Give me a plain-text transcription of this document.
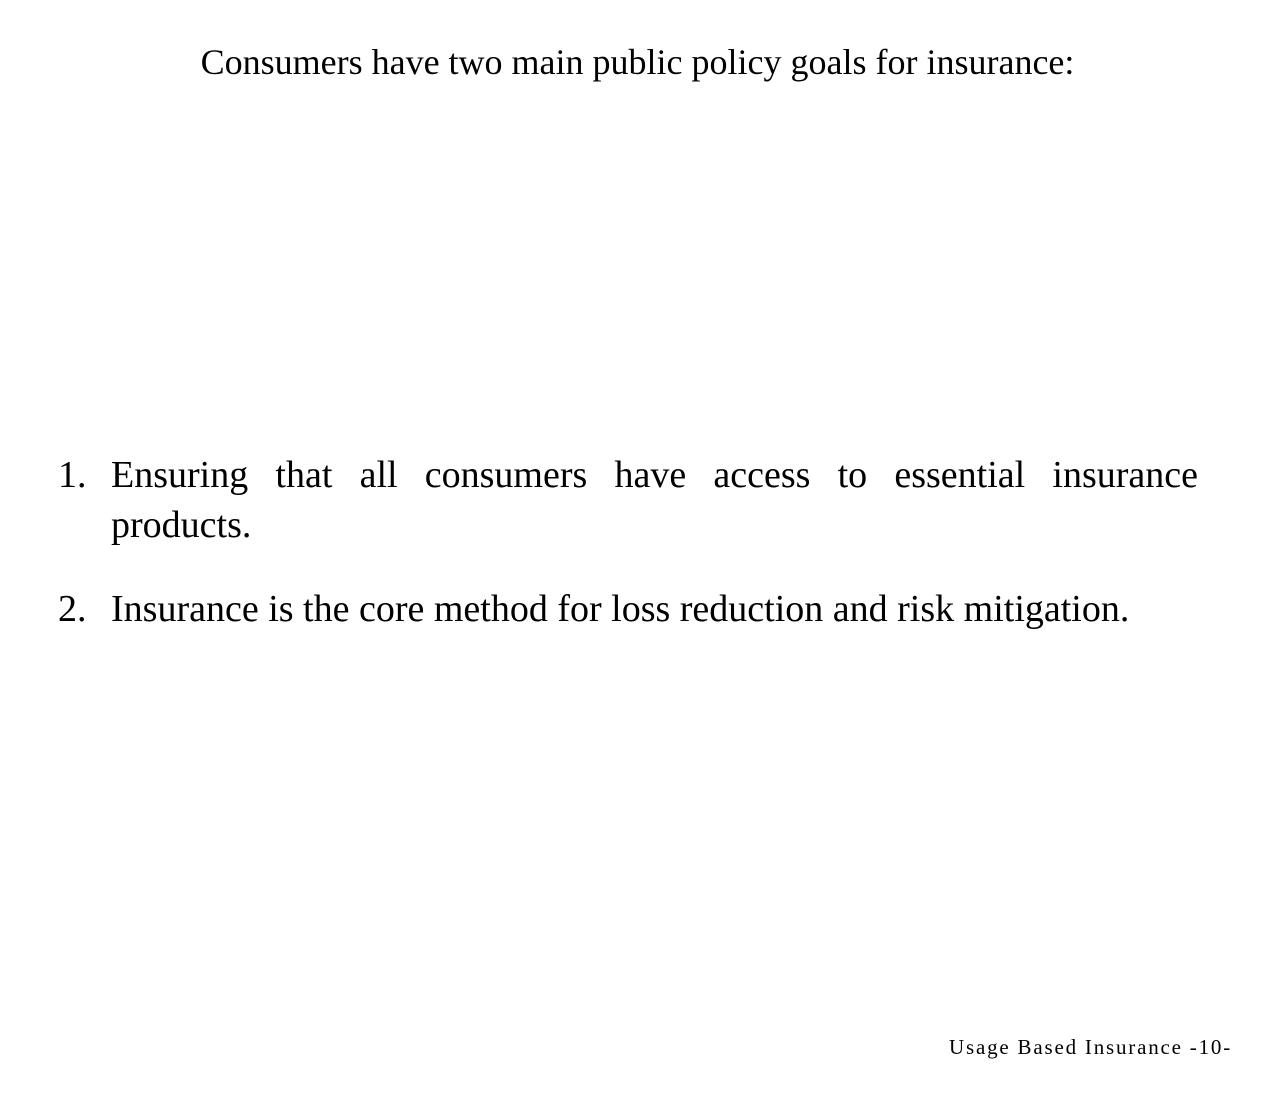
Consumers have two main public policy goals for insurance:
1. Ensuring that all consumers have access to essential insurance products.
2. Insurance is the core method for loss reduction and risk mitigation.
Usage Based Insurance -10-
